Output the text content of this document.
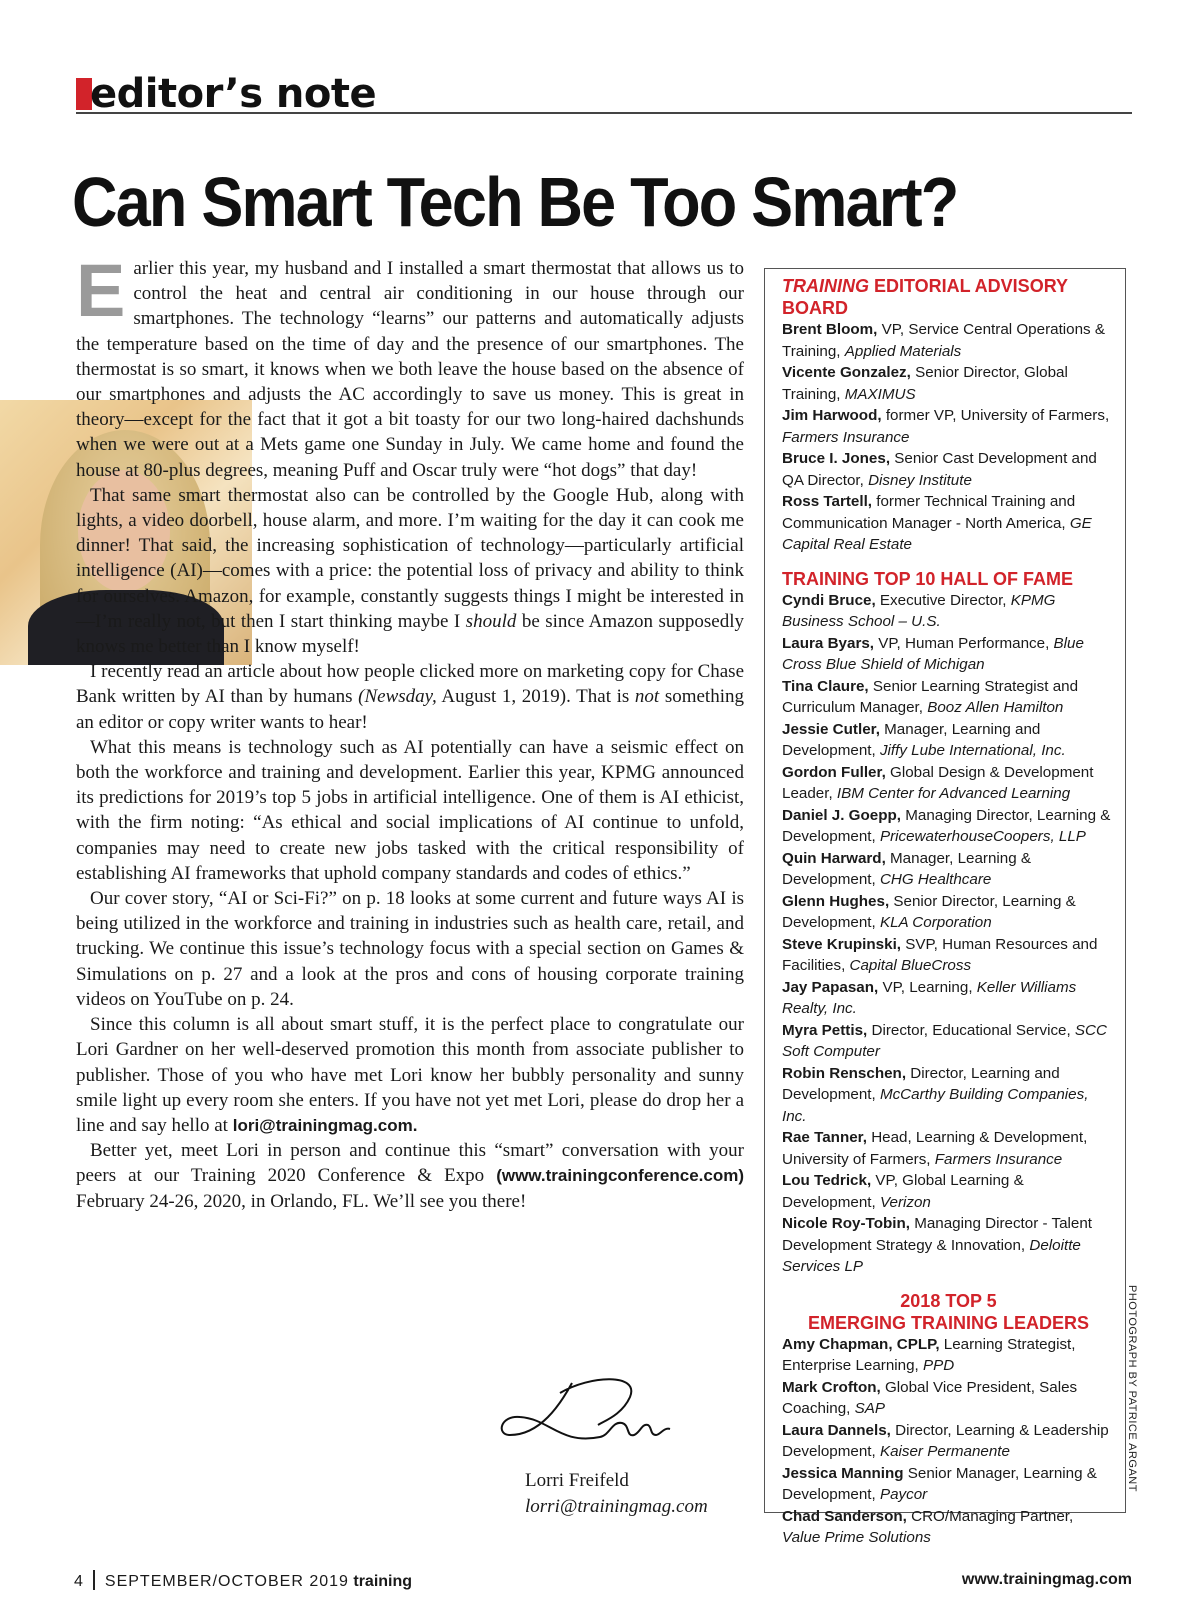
editor’s note
Can Smart Tech Be Too Smart?

E arlier this year, my husband and I installed a smart thermostat that allows us to control the heat and central air conditioning in our house through our smartphones. The technology “learns” our patterns and automatically adjusts the temperature based on the time of day and the presence of our smartphones. The thermostat is so smart, it knows when we both leave the house based on the absence of our smartphones and adjusts the AC accordingly to save us money. This is great in theory—except for the fact that it got a bit toasty for our two long-haired dachshunds when we were out at a Mets game one Sunday in July. We came home and found the house at 80-plus degrees, meaning Puff and Oscar truly were “hot dogs” that day!

That same smart thermostat also can be controlled by the Google Hub, along with lights, a video doorbell, house alarm, and more. I’m waiting for the day it can cook me dinner! That said, the increasing sophistication of technology—particularly artificial intelligence (AI)—comes with a price: the potential loss of privacy and ability to think for ourselves. Amazon, for example, constantly suggests things I might be interested in—I’m really not, but then I start thinking maybe I should be since Amazon supposedly knows me better than I know myself!

I recently read an article about how people clicked more on marketing copy for Chase Bank written by AI than by humans (Newsday, August 1, 2019). That is not something an editor or copy writer wants to hear!

What this means is technology such as AI potentially can have a seismic effect on both the workforce and training and development. Earlier this year, KPMG announced its predictions for 2019’s top 5 jobs in artificial intelligence. One of them is AI ethicist, with the firm noting: “As ethical and social implications of AI continue to unfold, companies may need to create new jobs tasked with the critical responsibility of establishing AI frameworks that uphold company standards and codes of ethics.”

Our cover story, “AI or Sci-Fi?” on p. 18 looks at some current and future ways AI is being utilized in the workforce and training in industries such as health care, retail, and trucking. We continue this issue’s technology focus with a special section on Games & Simulations on p. 27 and a look at the pros and cons of housing corporate training videos on YouTube on p. 24.

Since this column is all about smart stuff, it is the perfect place to congratulate our Lori Gardner on her well-deserved promotion this month from associate publisher to publisher. Those of you who have met Lori know her bubbly personality and sunny smile light up every room she enters. If you have not yet met Lori, please do drop her a line and say hello at lori@trainingmag.com.

Better yet, meet Lori in person and continue this “smart” conversation with your peers at our Training 2020 Conference & Expo (www.trainingconference.com) February 24-26, 2020, in Orlando, FL. We’ll see you there!

Lorri Freifeld
lorri@trainingmag.com

TRAINING EDITORIAL ADVISORY BOARD

Brent Bloom, VP, Service Central Operations & Training, Applied Materials

Vicente Gonzalez, Senior Director, Global Training, MAXIMUS

Jim Harwood, former VP, University of Farmers, Farmers Insurance

Bruce I. Jones, Senior Cast Development and QA Director, Disney Institute

Ross Tartell, former Technical Training and Communication Manager - North America, GE Capital Real Estate

TRAINING TOP 10 HALL OF FAME

Cyndi Bruce, Executive Director, KPMG Business School – U.S.

Laura Byars, VP, Human Performance, Blue Cross Blue Shield of Michigan

Tina Claure, Senior Learning Strategist and Curriculum Manager, Booz Allen Hamilton

Jessie Cutler, Manager, Learning and Development, Jiffy Lube International, Inc.

Gordon Fuller, Global Design & Development Leader, IBM Center for Advanced Learning

Daniel J. Goepp, Managing Director, Learning & Development, PricewaterhouseCoopers, LLP

Quin Harward, Manager, Learning & Development, CHG Healthcare

Glenn Hughes, Senior Director, Learning & Development, KLA Corporation

Steve Krupinski, SVP, Human Resources and Facilities, Capital BlueCross

Jay Papasan, VP, Learning, Keller Williams Realty, Inc.

Myra Pettis, Director, Educational Service, SCC Soft Computer

Robin Renschen, Director, Learning and Development, McCarthy Building Companies, Inc.

Rae Tanner, Head, Learning & Development, University of Farmers, Farmers Insurance

Lou Tedrick, VP, Global Learning & Development, Verizon

Nicole Roy-Tobin, Managing Director - Talent Development Strategy & Innovation, Deloitte Services LP

2018 TOP 5
EMERGING TRAINING LEADERS

Amy Chapman, CPLP, Learning Strategist, Enterprise Learning, PPD

Mark Crofton, Global Vice President, Sales Coaching, SAP

Laura Dannels, Director, Learning & Leadership Development, Kaiser Permanente

Jessica Manning Senior Manager, Learning & Development, Paycor

Chad Sanderson, CRO/Managing Partner, Value Prime Solutions

PHOTOGRAPH BY PATRICE ARGANT
4 SEPTEMBER/OCTOBER 2019 training	www.trainingmag.com
